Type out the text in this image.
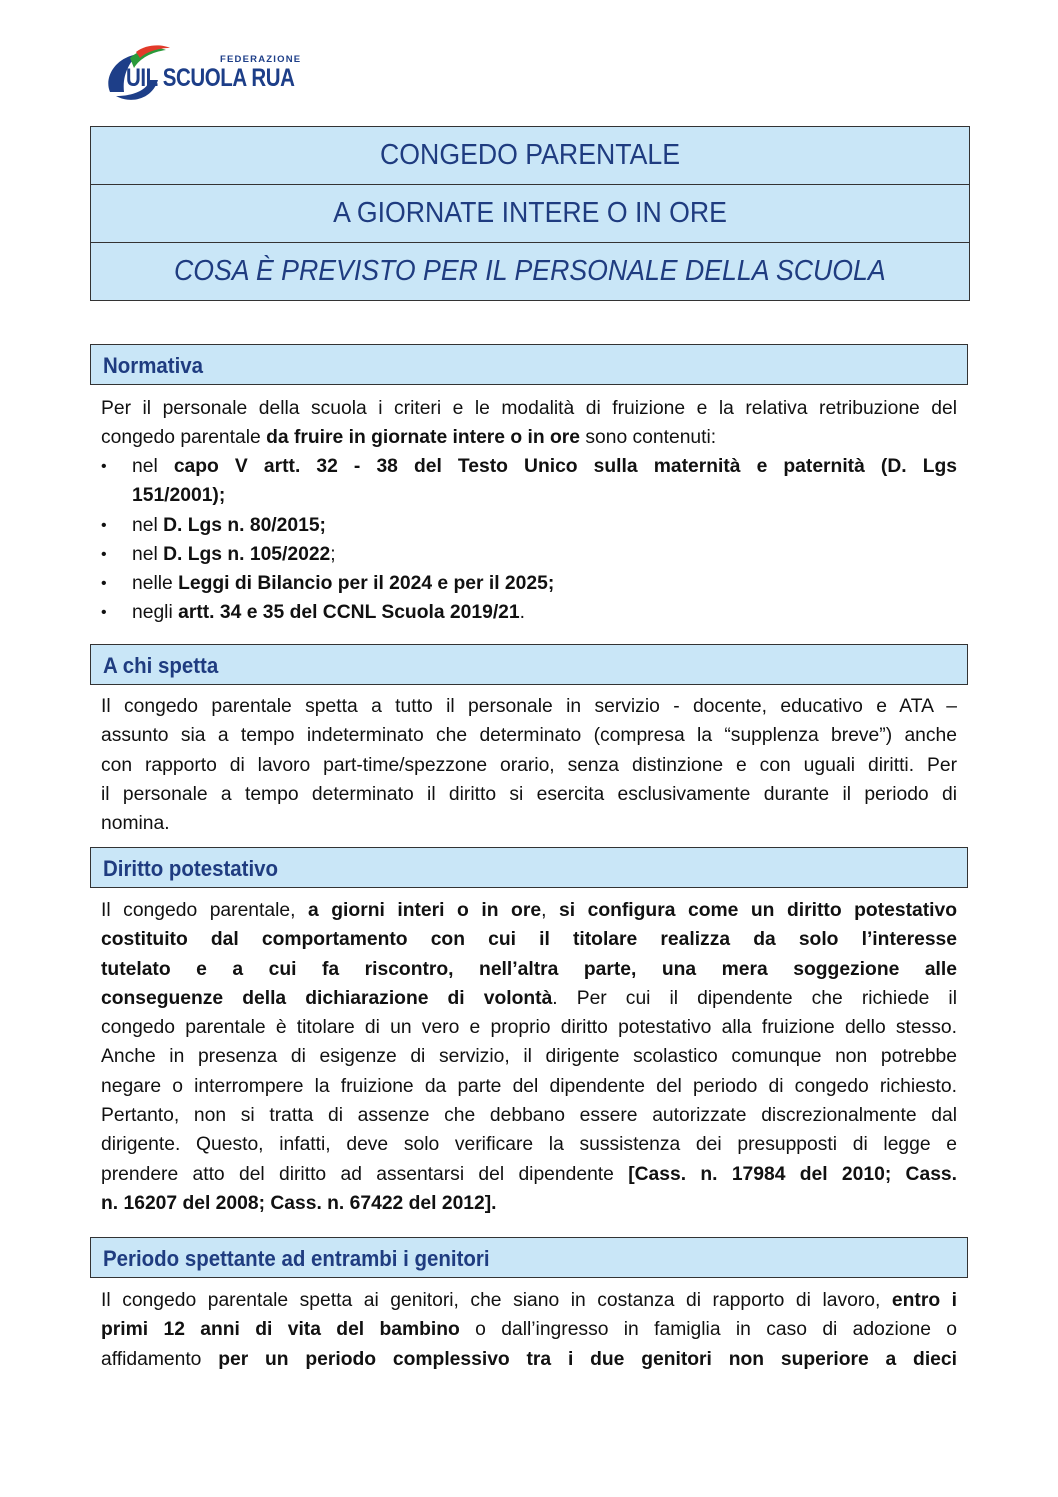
FEDERAZIONE
UIL SCUOLA RUA
CONGEDO PARENTALE
A GIORNATE INTERE O IN ORE
COSA È PREVISTO PER IL PERSONALE DELLA SCUOLA
Normativa
Per il personale della scuola i criteri e le modalità di fruizione e la relativa retribuzione del
congedo parentale da fruire in giornate intere o in ore sono contenuti:
• nel capo V artt. 32 - 38 del Testo Unico sulla maternità e paternità (D. Lgs
151/2001);
• nel D. Lgs n. 80/2015;
• nel D. Lgs n. 105/2022;
• nelle Leggi di Bilancio per il 2024 e per il 2025;
• negli artt. 34 e 35 del CCNL Scuola 2019/21.
A chi spetta
Il congedo parentale spetta a tutto il personale in servizio - docente, educativo e ATA –
assunto sia a tempo indeterminato che determinato (compresa la “supplenza breve”) anche
con rapporto di lavoro part-time/spezzone orario, senza distinzione e con uguali diritti. Per
il personale a tempo determinato il diritto si esercita esclusivamente durante il periodo di
nomina.
Diritto potestativo
Il congedo parentale, a giorni interi o in ore, si configura come un diritto potestativo
costituito dal comportamento con cui il titolare realizza da solo l’interesse
tutelato e a cui fa riscontro, nell’altra parte, una mera soggezione alle
conseguenze della dichiarazione di volontà. Per cui il dipendente che richiede il
congedo parentale è titolare di un vero e proprio diritto potestativo alla fruizione dello stesso.
Anche in presenza di esigenze di servizio, il dirigente scolastico comunque non potrebbe
negare o interrompere la fruizione da parte del dipendente del periodo di congedo richiesto.
Pertanto, non si tratta di assenze che debbano essere autorizzate discrezionalmente dal
dirigente. Questo, infatti, deve solo verificare la sussistenza dei presupposti di legge e
prendere atto del diritto ad assentarsi del dipendente [Cass. n. 17984 del 2010; Cass.
n. 16207 del 2008; Cass. n. 67422 del 2012].
Periodo spettante ad entrambi i genitori
Il congedo parentale spetta ai genitori, che siano in costanza di rapporto di lavoro, entro i
primi 12 anni di vita del bambino o dall’ingresso in famiglia in caso di adozione o
affidamento per un periodo complessivo tra i due genitori non superiore a dieci
